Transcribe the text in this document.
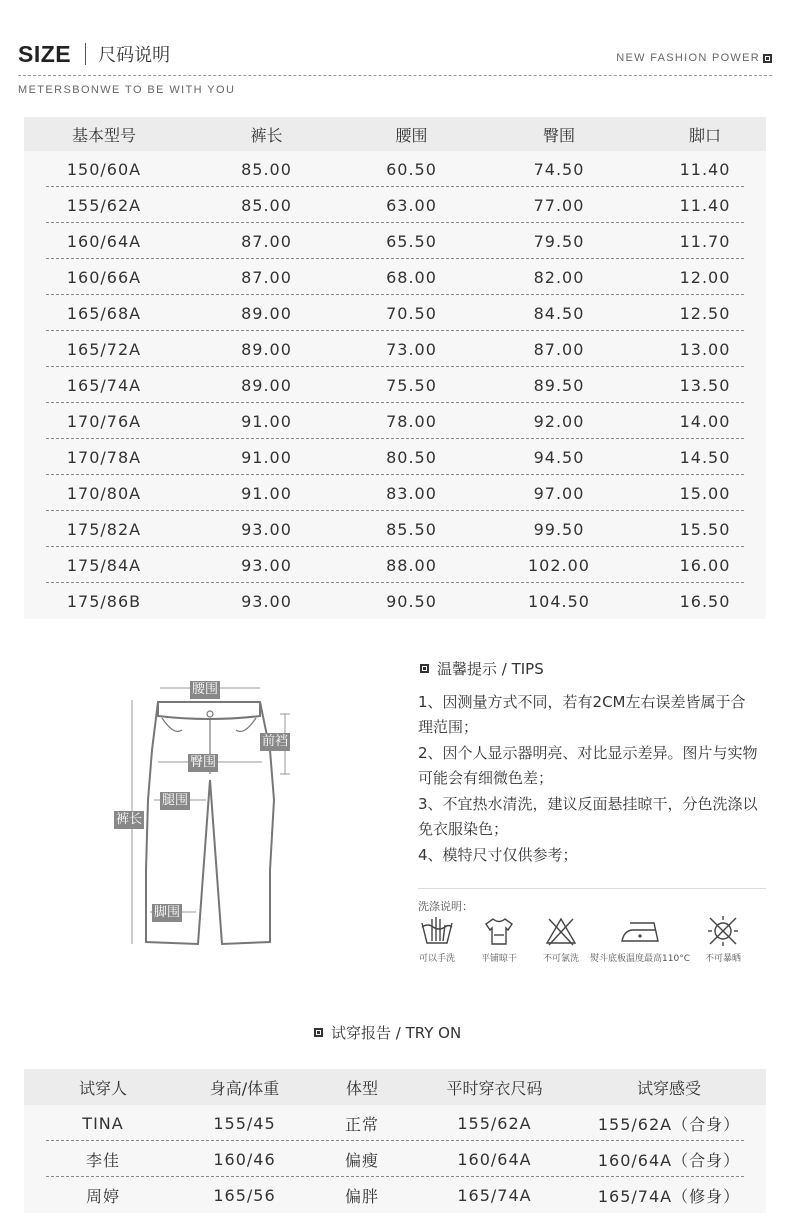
SIZE 尺码说明	NEW FASHION POWER
METERSBONWE TO BE WITH YOU
基本型号	裤长	腰围	臀围	脚口
150/60A	85.00	60.50	74.50	11.40
155/62A	85.00	63.00	77.00	11.40
160/64A	87.00	65.50	79.50	11.70
160/66A	87.00	68.00	82.00	12.00
165/68A	89.00	70.50	84.50	12.50
165/72A	89.00	73.00	87.00	13.00
165/74A	89.00	75.50	89.50	13.50
170/76A	91.00	78.00	92.00	14.00
170/78A	91.00	80.50	94.50	14.50
170/80A	91.00	83.00	97.00	15.00
175/82A	93.00	85.50	99.50	15.50
175/84A	93.00	88.00	102.00	16.00
175/86B	93.00	90.50	104.50	16.50
腰围
臀围
前裆
裤长
腿围
脚围
温馨提示 / TIPS
1、因测量方式不同，若有2CM左右误差皆属于合理范围；
2、因个人显示器明亮、对比显示差异。图片与实物可能会有细微色差；
3、不宜热水清洗，建议反面悬挂晾干，分色洗涤以免衣服染色；
4、模特尺寸仅供参考；
洗涤说明：
可以手洗	平铺晾干	不可氯洗	熨斗底板温度最高110°C	不可暴晒
试穿报告 / TRY ON
试穿人	身高/体重	体型	平时穿衣尺码	试穿感受
TINA	155/45	正常	155/62A	155/62A（合身）
李佳	160/46	偏瘦	160/64A	160/64A（合身）
周婷	165/56	偏胖	165/74A	165/74A（修身）
